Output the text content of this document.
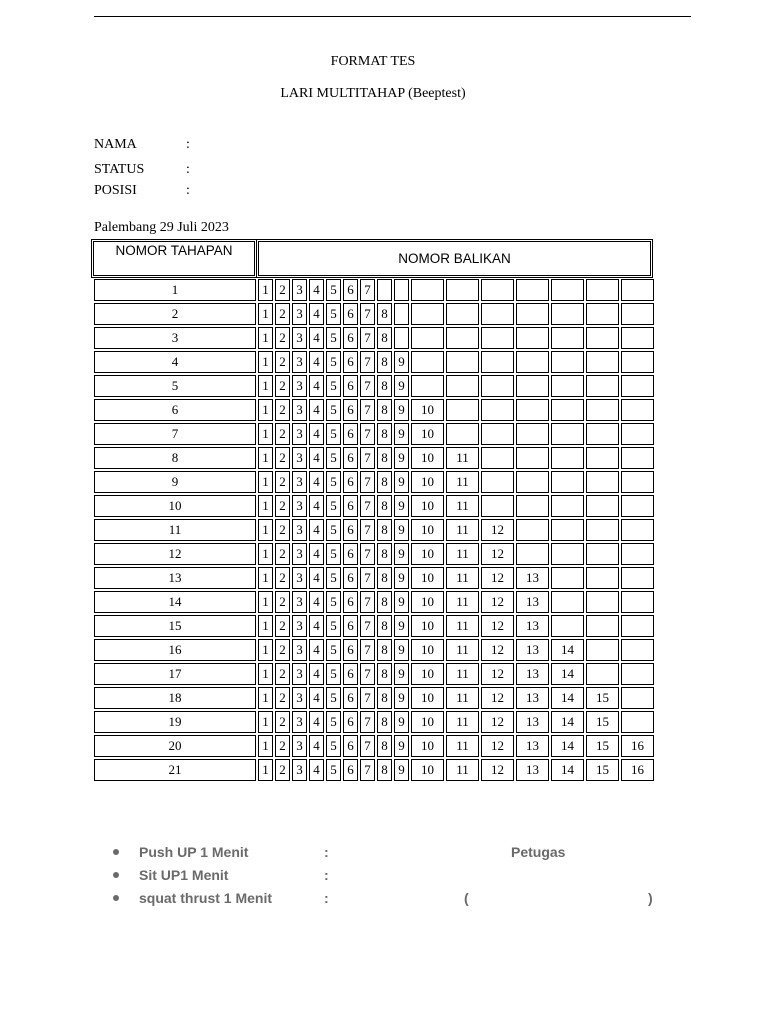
FORMAT TES
LARI MULTITAHAP (Beeptest)
NAMA	:
STATUS	:
POSISI	:
Palembang 29 Juli 2023
NOMOR TAHAPAN
NOMOR BALIKAN
1	1	2	3	4	5	6	7									
2	1	2	3	4	5	6	7	8								
3	1	2	3	4	5	6	7	8								
4	1	2	3	4	5	6	7	8	9							
5	1	2	3	4	5	6	7	8	9							
6	1	2	3	4	5	6	7	8	9	10						
7	1	2	3	4	5	6	7	8	9	10						
8	1	2	3	4	5	6	7	8	9	10	11					
9	1	2	3	4	5	6	7	8	9	10	11					
10	1	2	3	4	5	6	7	8	9	10	11					
11	1	2	3	4	5	6	7	8	9	10	11	12				
12	1	2	3	4	5	6	7	8	9	10	11	12				
13	1	2	3	4	5	6	7	8	9	10	11	12	13			
14	1	2	3	4	5	6	7	8	9	10	11	12	13			
15	1	2	3	4	5	6	7	8	9	10	11	12	13			
16	1	2	3	4	5	6	7	8	9	10	11	12	13	14		
17	1	2	3	4	5	6	7	8	9	10	11	12	13	14		
18	1	2	3	4	5	6	7	8	9	10	11	12	13	14	15	
19	1	2	3	4	5	6	7	8	9	10	11	12	13	14	15	
20	1	2	3	4	5	6	7	8	9	10	11	12	13	14	15	16
21	1	2	3	4	5	6	7	8	9	10	11	12	13	14	15	16
Push UP 1 Menit	:
Sit UP1 Menit	:
squat thrust 1 Menit	:
Petugas
(	)
